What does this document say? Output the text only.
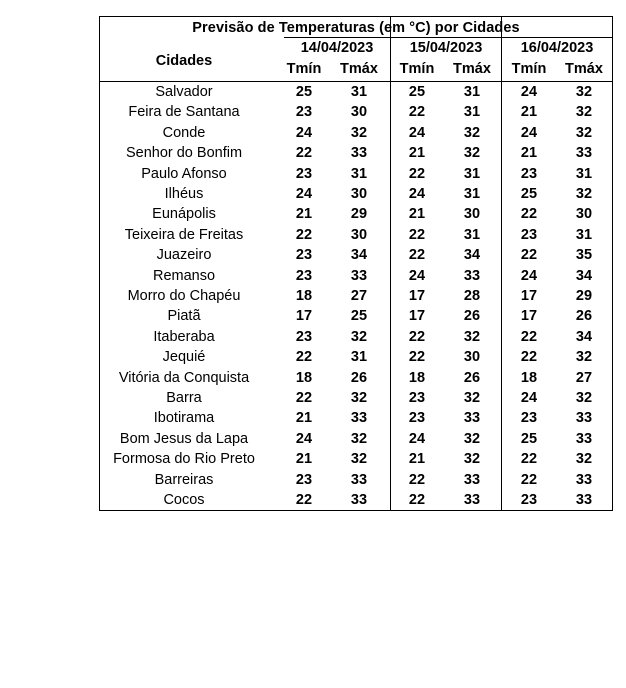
Previsão de Temperaturas (em °C) por Cidades
Cidades
14/04/2023	15/04/2023	16/04/2023
Tmín	Tmáx	Tmín	Tmáx	Tmín	Tmáx
Salvador	25	31	25	31	24	32
Feira de Santana	23	30	22	31	21	32
Conde	24	32	24	32	24	32
Senhor do Bonfim	22	33	21	32	21	33
Paulo Afonso	23	31	22	31	23	31
Ilhéus	24	30	24	31	25	32
Eunápolis	21	29	21	30	22	30
Teixeira de Freitas	22	30	22	31	23	31
Juazeiro	23	34	22	34	22	35
Remanso	23	33	24	33	24	34
Morro do Chapéu	18	27	17	28	17	29
Piatã	17	25	17	26	17	26
Itaberaba	23	32	22	32	22	34
Jequié	22	31	22	30	22	32
Vitória da Conquista	18	26	18	26	18	27
Barra	22	32	23	32	24	32
Ibotirama	21	33	23	33	23	33
Bom Jesus da Lapa	24	32	24	32	25	33
Formosa do Rio Preto	21	32	21	32	22	32
Barreiras	23	33	22	33	22	33
Cocos	22	33	22	33	23	33
